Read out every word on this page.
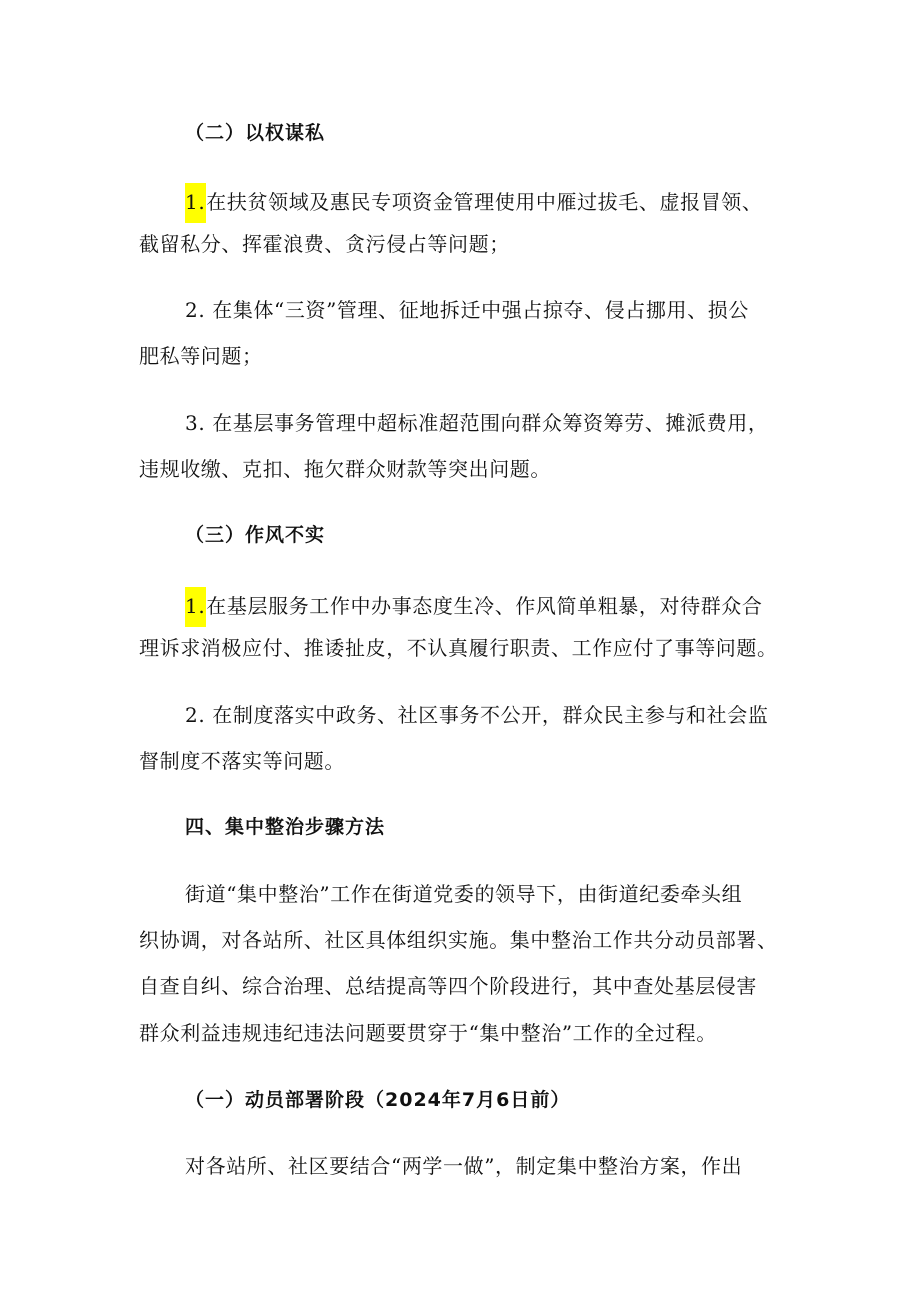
（二）以权谋私
1.在扶贫领域及惠民专项资金管理使用中雁过拔毛、虚报冒领、
截留私分、挥霍浪费、贪污侵占等问题；
2. 在集体“三资”管理、征地拆迁中强占掠夺、侵占挪用、损公
肥私等问题；
3. 在基层事务管理中超标准超范围向群众筹资筹劳、摊派费用，
违规收缴、克扣、拖欠群众财款等突出问题。
（三）作风不实
1.在基层服务工作中办事态度生冷、作风简单粗暴，对待群众合
理诉求消极应付、推诿扯皮，不认真履行职责、工作应付了事等问题。
2. 在制度落实中政务、社区事务不公开，群众民主参与和社会监
督制度不落实等问题。
四、集中整治步骤方法
街道“集中整治”工作在街道党委的领导下，由街道纪委牵头组
织协调，对各站所、社区具体组织实施。集中整治工作共分动员部署、
自查自纠、综合治理、总结提高等四个阶段进行，其中查处基层侵害
群众利益违规违纪违法问题要贯穿于“集中整治”工作的全过程。
（一）动员部署阶段（2024年7月6日前）
对各站所、社区要结合“两学一做”，制定集中整治方案，作出
